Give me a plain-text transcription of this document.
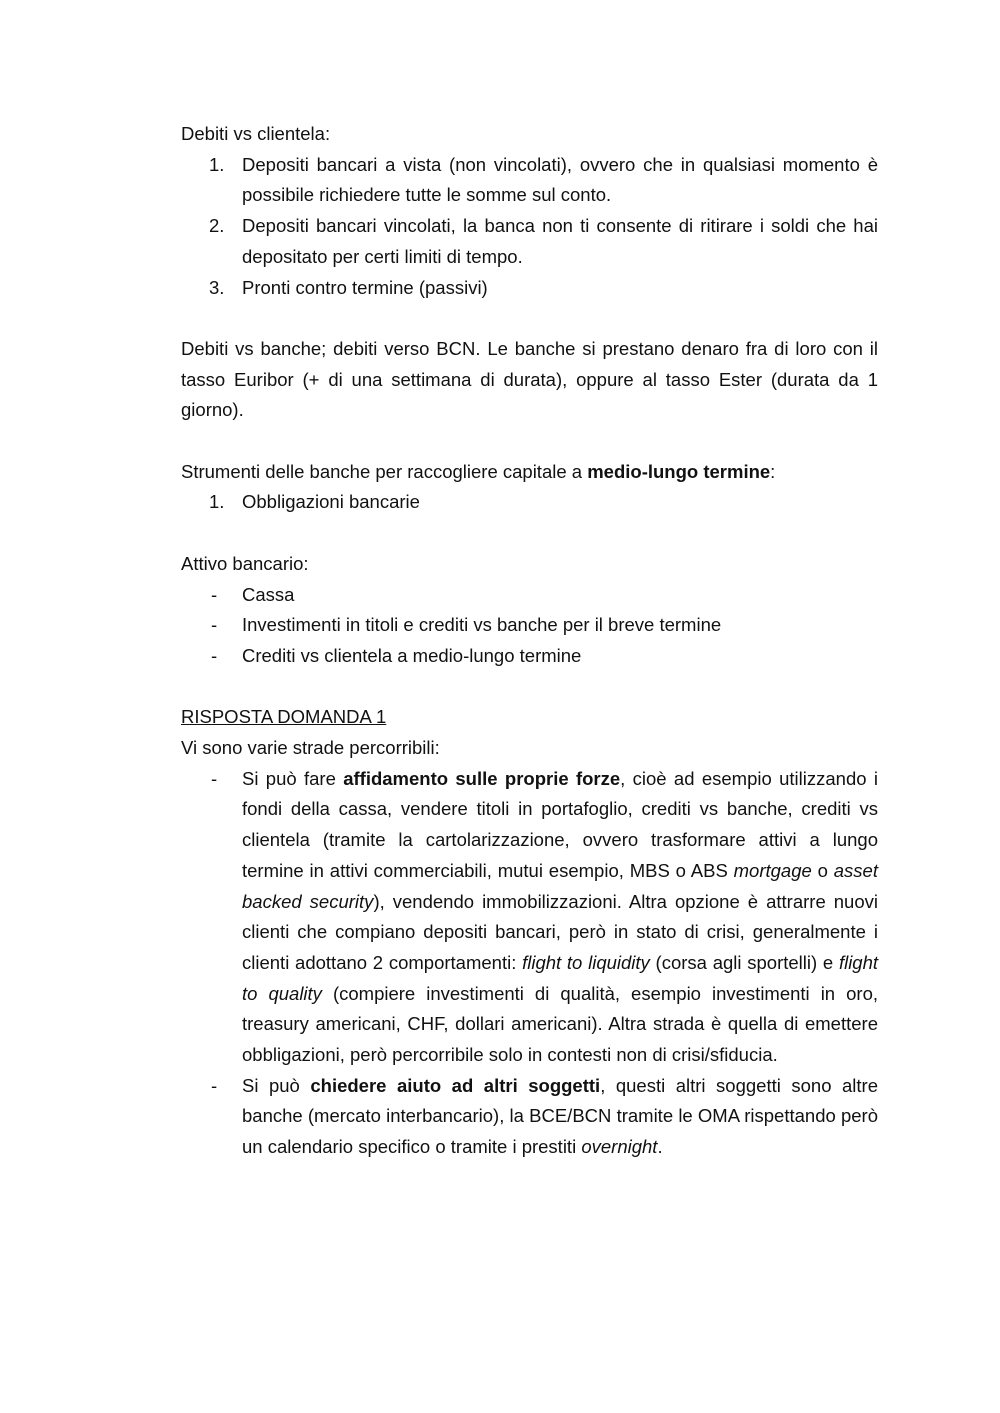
Debiti vs clientela:

1. Depositi bancari a vista (non vincolati), ovvero che in qualsiasi momento è possibile richiedere tutte le somme sul conto.
2. Depositi bancari vincolati, la banca non ti consente di ritirare i soldi che hai depositato per certi limiti di tempo.
3. Pronti contro termine (passivi)

Debiti vs banche; debiti verso BCN. Le banche si prestano denaro fra di loro con il tasso Euribor (+ di una settimana di durata), oppure al tasso Ester (durata da 1 giorno).

Strumenti delle banche per raccogliere capitale a medio-lungo termine:

1. Obbligazioni bancarie

Attivo bancario:

- Cassa
- Investimenti in titoli e crediti vs banche per il breve termine
- Crediti vs clientela a medio-lungo termine

RISPOSTA DOMANDA 1

Vi sono varie strade percorribili:

- Si può fare affidamento sulle proprie forze, cioè ad esempio utilizzando i fondi della cassa, vendere titoli in portafoglio, crediti vs banche, crediti vs clientela (tramite la cartolarizzazione, ovvero trasformare attivi a lungo termine in attivi commerciabili, mutui esempio, MBS o ABS mortgage o asset backed security), vendendo immobilizzazioni. Altra opzione è attrarre nuovi clienti che compiano depositi bancari, però in stato di crisi, generalmente i clienti adottano 2 comportamenti: flight to liquidity (corsa agli sportelli) e flight to quality (compiere investimenti di qualità, esempio investimenti in oro, treasury americani, CHF, dollari americani). Altra strada è quella di emettere obbligazioni, però percorribile solo in contesti non di crisi/sfiducia.
- Si può chiedere aiuto ad altri soggetti, questi altri soggetti sono altre banche (mercato interbancario), la BCE/BCN tramite le OMA rispettando però un calendario specifico o tramite i prestiti overnight.
